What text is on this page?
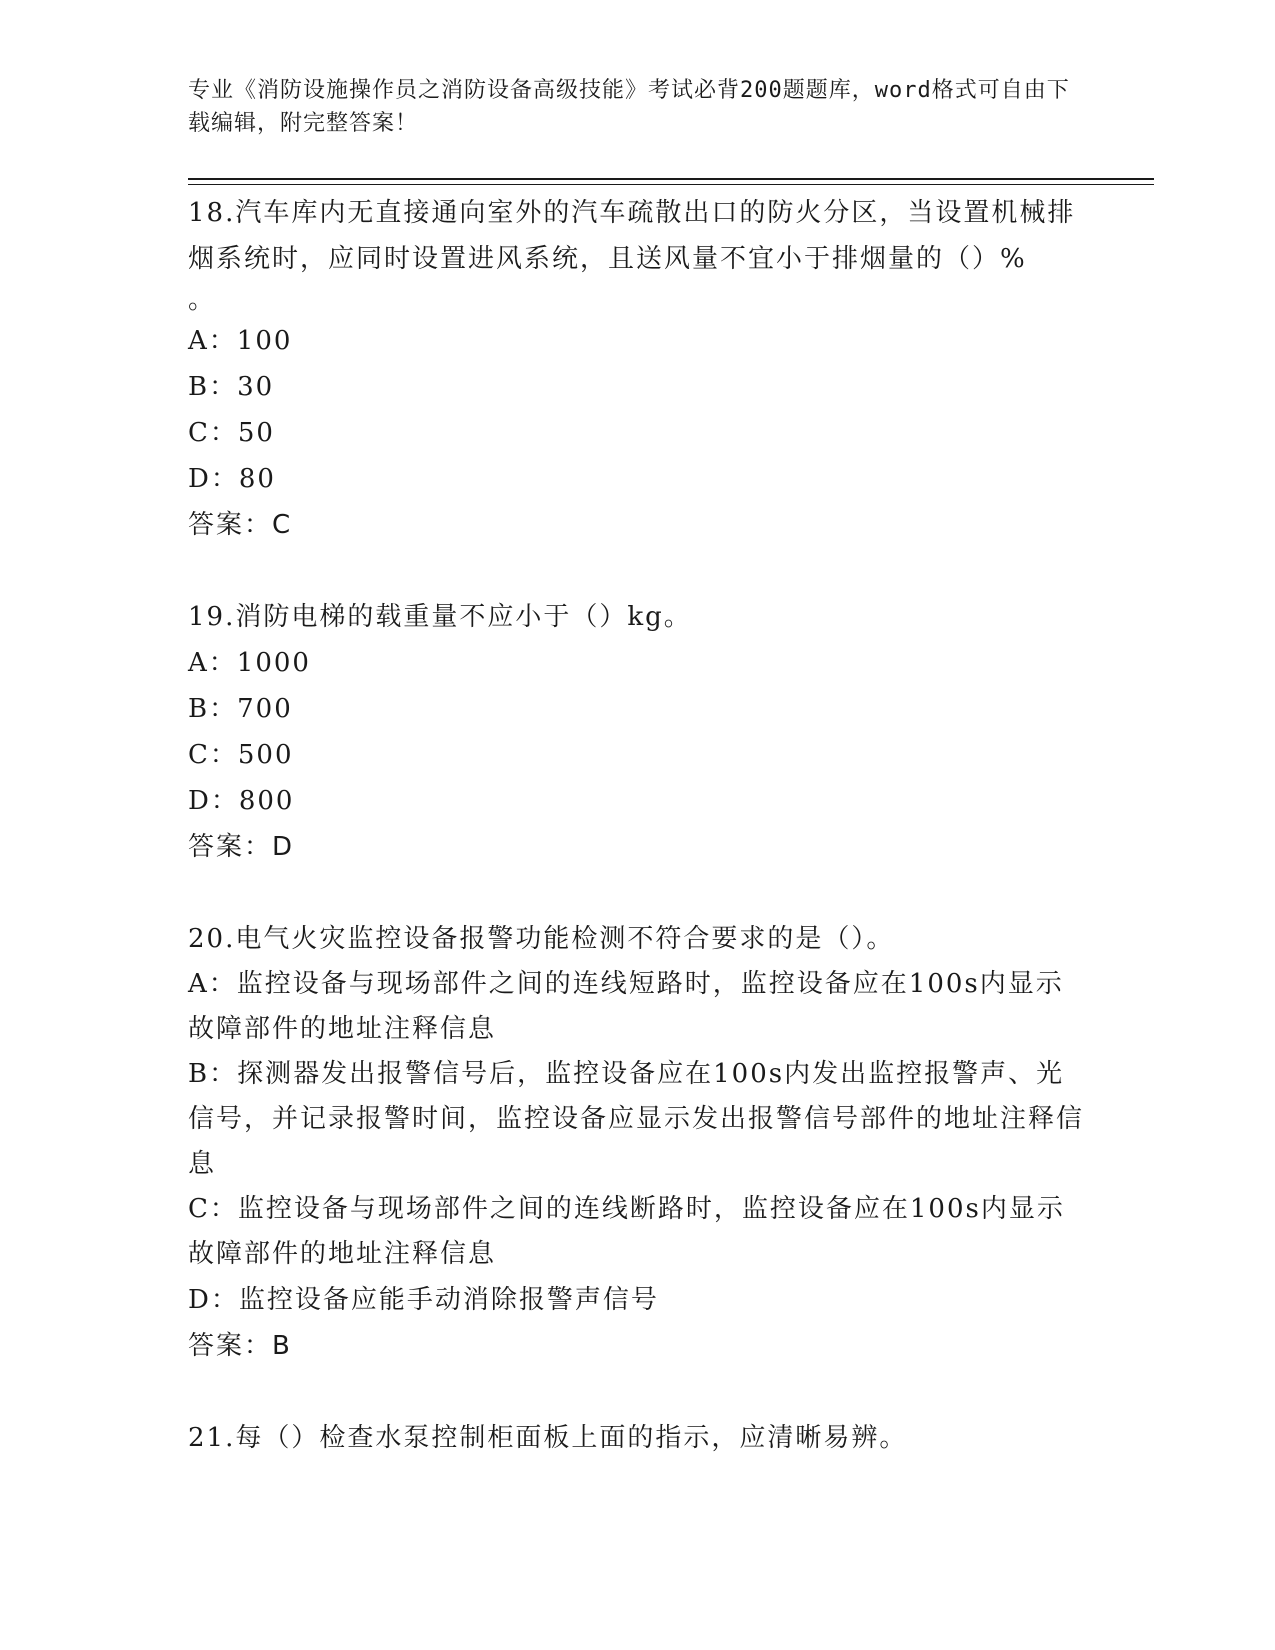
专业《消防设施操作员之消防设备高级技能》考试必背200题题库，word格式可自由下载编辑，附完整答案！
18.汽车库内无直接通向室外的汽车疏散出口的防火分区，当设置机械排烟系统时，应同时设置进风系统，且送风量不宜小于排烟量的（）%
。
A：100
B：30
C：50
D：80
答案：C
19.消防电梯的载重量不应小于（）kg。
A：1000
B：700
C：500
D：800
答案：D
20.电气火灾监控设备报警功能检测不符合要求的是（）。
A：监控设备与现场部件之间的连线短路时，监控设备应在100s内显示故障部件的地址注释信息
B：探测器发出报警信号后，监控设备应在100s内发出监控报警声、光信号，并记录报警时间，监控设备应显示发出报警信号部件的地址注释信息
C：监控设备与现场部件之间的连线断路时，监控设备应在100s内显示故障部件的地址注释信息
D：监控设备应能手动消除报警声信号
答案：B
21.每（）检查水泵控制柜面板上面的指示，应清晰易辨。
